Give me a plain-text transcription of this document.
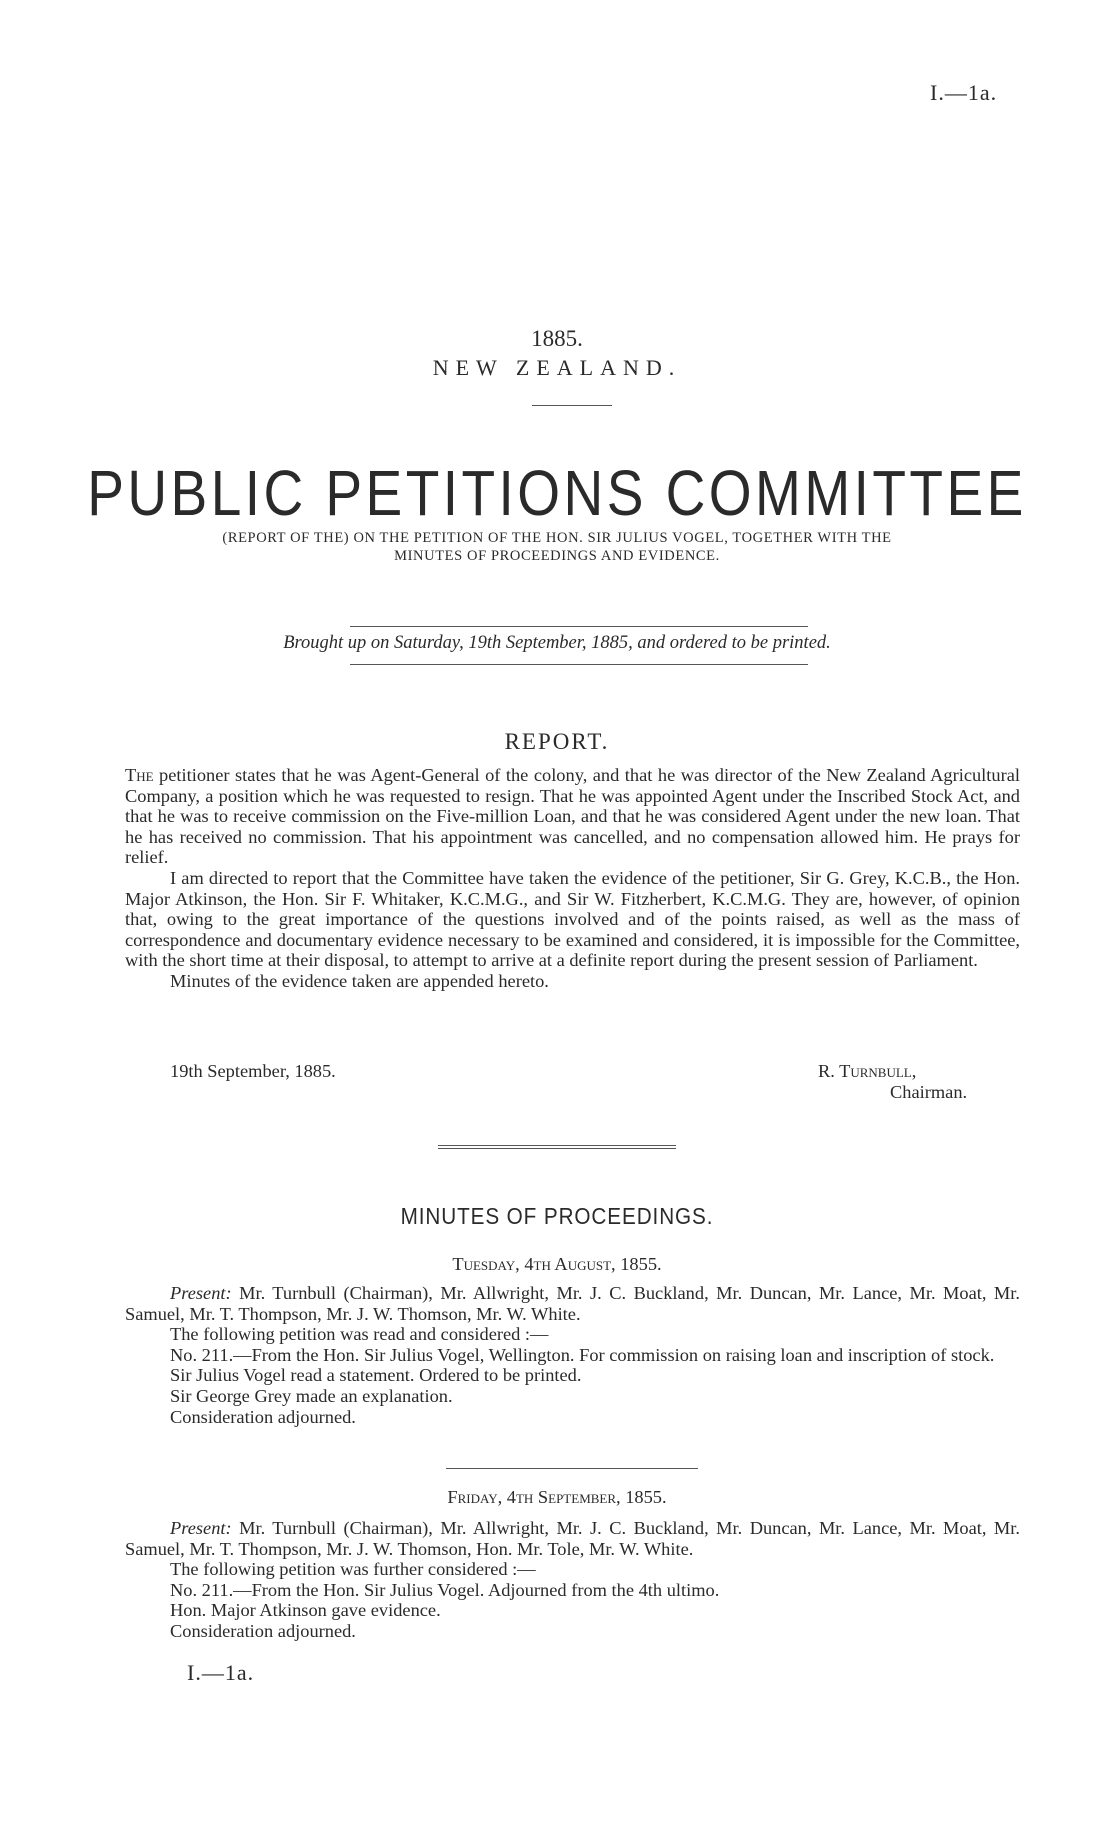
I.—1a.
1885.
NEW ZEALAND.
PUBLIC PETITIONS COMMITTEE
(REPORT OF THE) ON THE PETITION OF THE HON. SIR JULIUS VOGEL, TOGETHER WITH THE
MINUTES OF PROCEEDINGS AND EVIDENCE.
Brought up on Saturday, 19th September, 1885, and ordered to be printed.
REPORT.

The petitioner states that he was Agent-General of the colony, and that he was director of the New Zealand Agricultural Company, a position which he was requested to resign. That he was appointed Agent under the Inscribed Stock Act, and that he was to receive commission on the Five-million Loan, and that he was considered Agent under the new loan. That he has received no commission. That his appointment was cancelled, and no compensation allowed him. He prays for relief.

I am directed to report that the Committee have taken the evidence of the petitioner, Sir G. Grey, K.C.B., the Hon. Major Atkinson, the Hon. Sir F. Whitaker, K.C.M.G., and Sir W. Fitzherbert, K.C.M.G. They are, however, of opinion that, owing to the great importance of the questions involved and of the points raised, as well as the mass of correspondence and documentary evidence necessary to be examined and considered, it is impossible for the Committee, with the short time at their disposal, to attempt to arrive at a definite report during the present session of Parliament.

Minutes of the evidence taken are appended hereto.

19th September, 1885.	R. Turnbull,
Chairman.
MINUTES OF PROCEEDINGS.
Tuesday, 4th August, 1855.

Present: Mr. Turnbull (Chairman), Mr. Allwright, Mr. J. C. Buckland, Mr. Duncan, Mr. Lance, Mr. Moat, Mr. Samuel, Mr. T. Thompson, Mr. J. W. Thomson, Mr. W. White.

The following petition was read and considered :—

No. 211.—From the Hon. Sir Julius Vogel, Wellington. For commission on raising loan and inscription of stock.

Sir Julius Vogel read a statement. Ordered to be printed.

Sir George Grey made an explanation.

Consideration adjourned.

Friday, 4th September, 1855.

Present: Mr. Turnbull (Chairman), Mr. Allwright, Mr. J. C. Buckland, Mr. Duncan, Mr. Lance, Mr. Moat, Mr. Samuel, Mr. T. Thompson, Mr. J. W. Thomson, Hon. Mr. Tole, Mr. W. White.

The following petition was further considered :—

No. 211.—From the Hon. Sir Julius Vogel. Adjourned from the 4th ultimo.

Hon. Major Atkinson gave evidence.

Consideration adjourned.

I.—1a.
